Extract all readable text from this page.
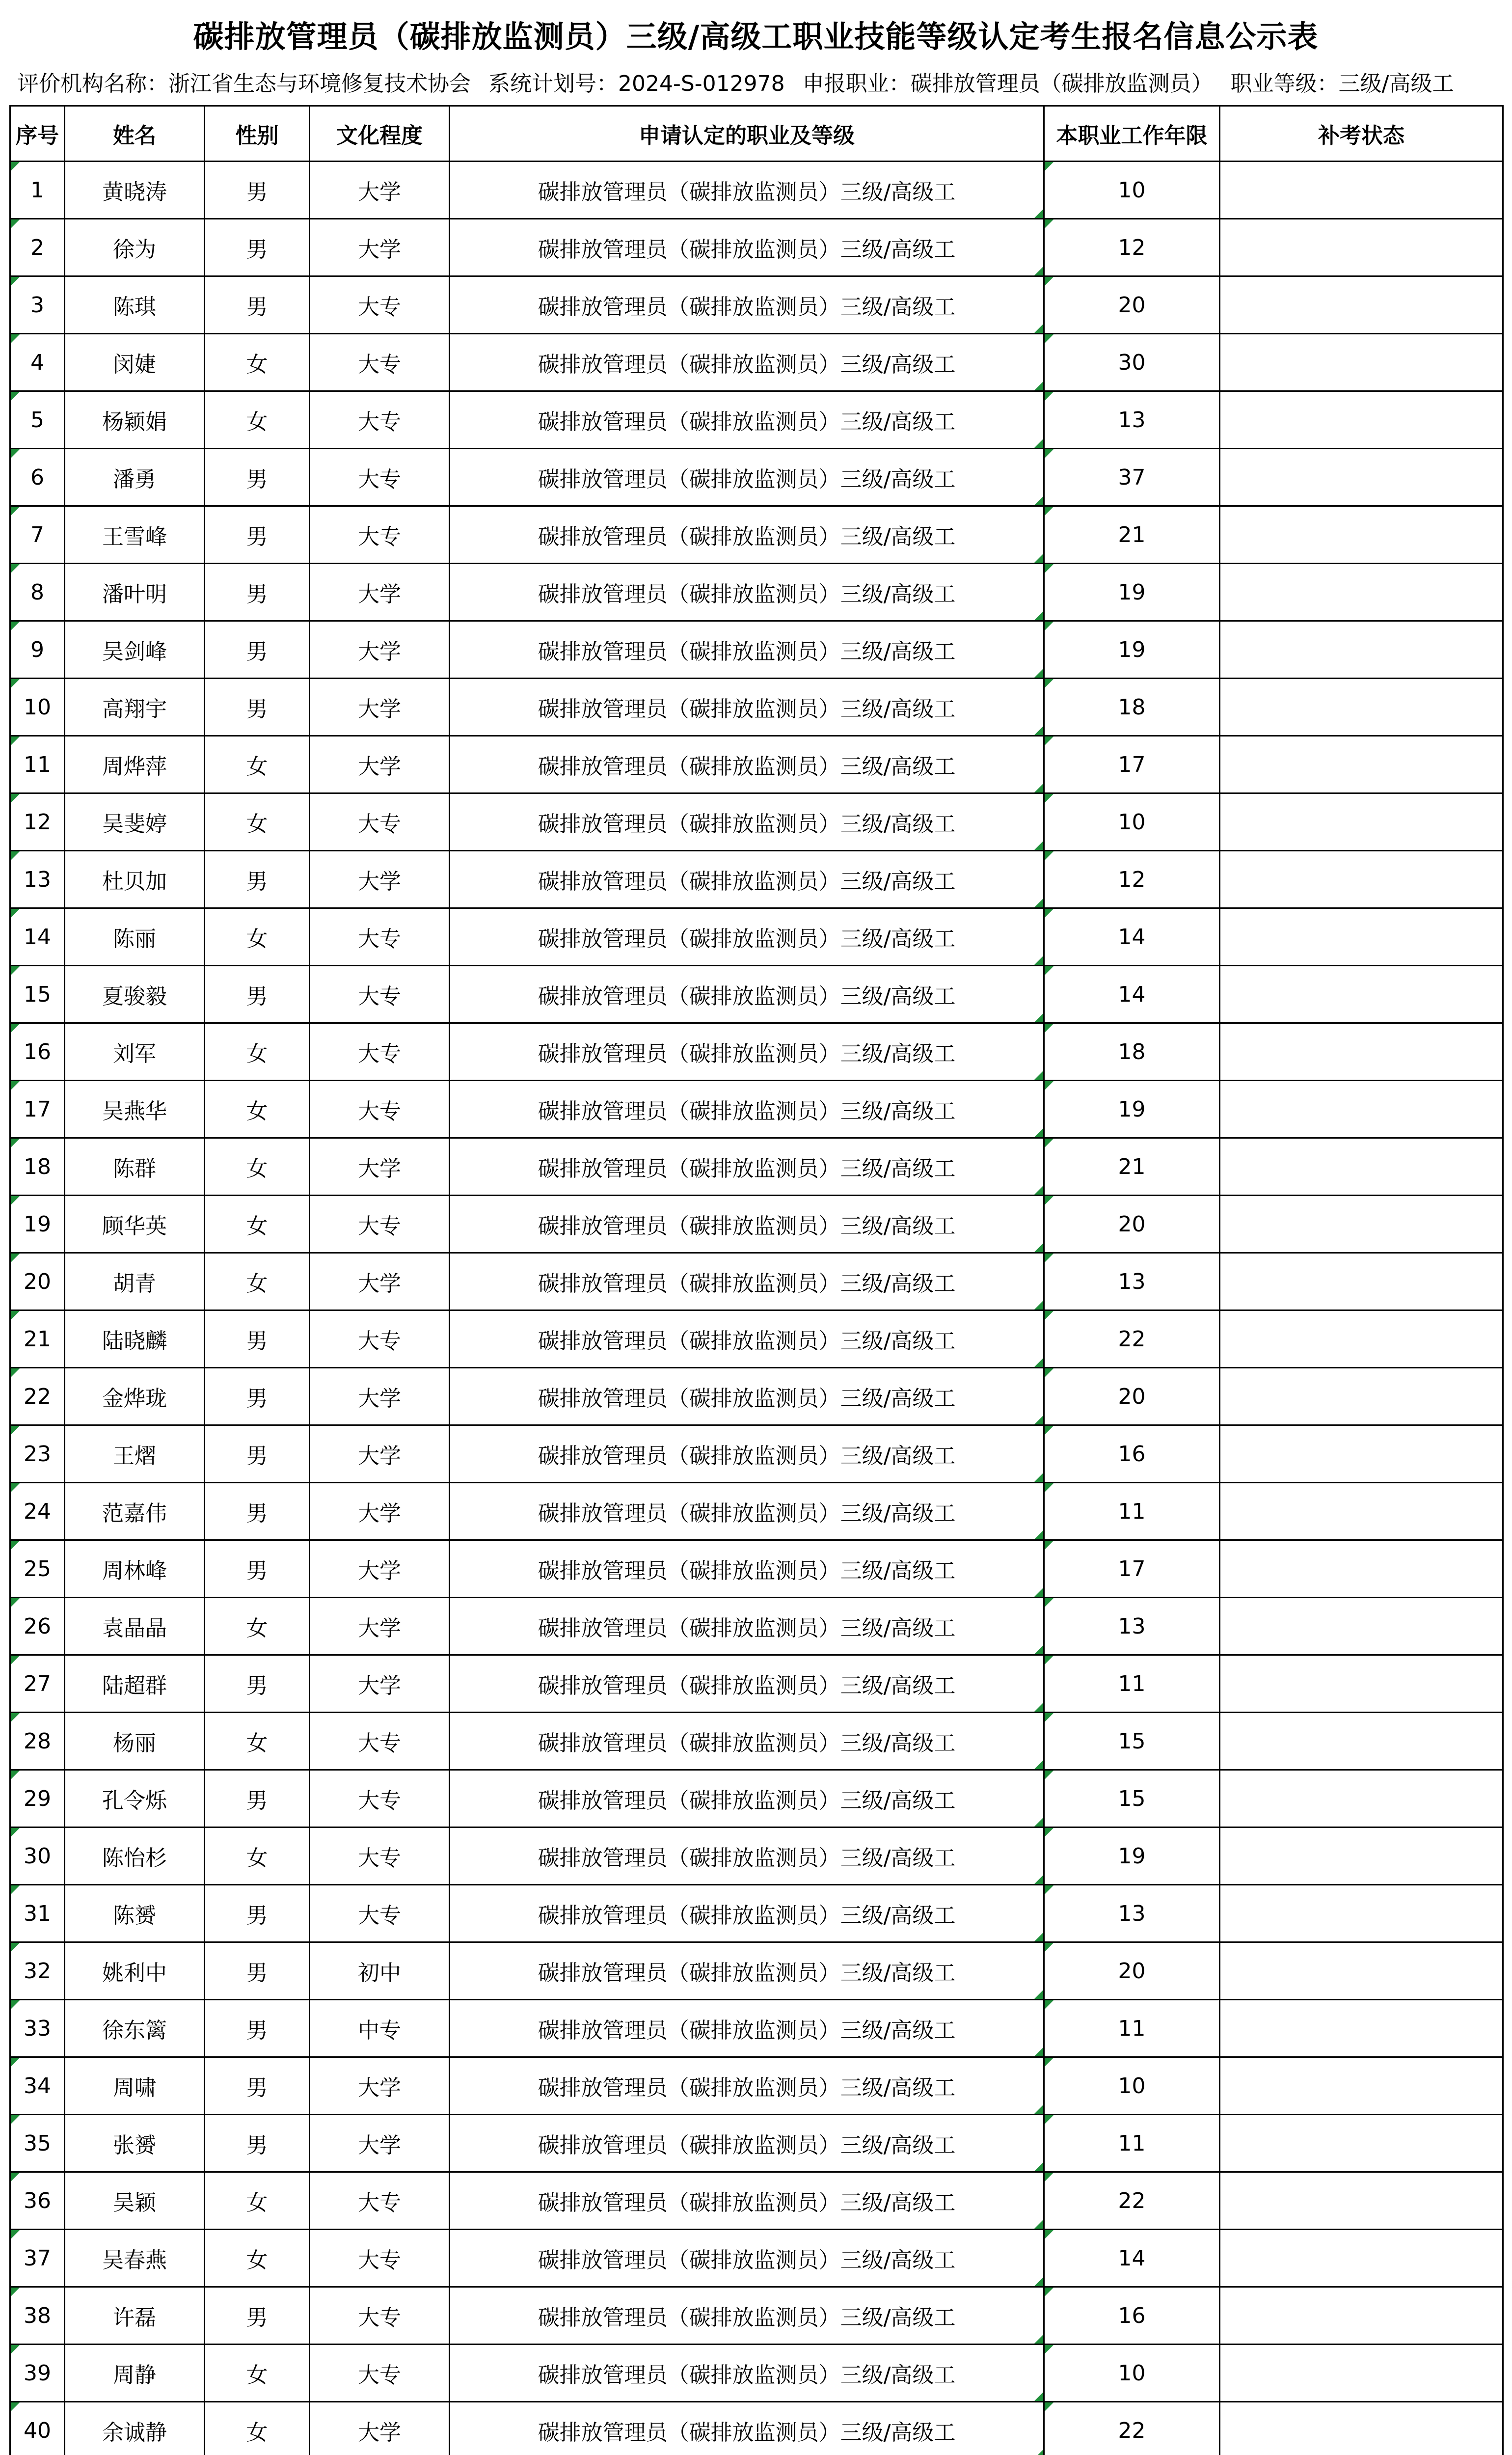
碳排放管理员（碳排放监测员）三级/高级工职业技能等级认定考生报名信息公示表
评价机构名称：浙江省生态与环境修复技术协会 系统计划号：2024-S-012978 申报职业：碳排放管理员（碳排放监测员） 职业等级：三级/高级工
序号	姓名	性别	文化程度	申请认定的职业及等级	本职业工作年限	补考状态
1	黄晓涛	男	大学	碳排放管理员（碳排放监测员）三级/高级工	10	
2	徐为	男	大学	碳排放管理员（碳排放监测员）三级/高级工	12	
3	陈琪	男	大专	碳排放管理员（碳排放监测员）三级/高级工	20	
4	闵婕	女	大专	碳排放管理员（碳排放监测员）三级/高级工	30	
5	杨颖娟	女	大专	碳排放管理员（碳排放监测员）三级/高级工	13	
6	潘勇	男	大专	碳排放管理员（碳排放监测员）三级/高级工	37	
7	王雪峰	男	大专	碳排放管理员（碳排放监测员）三级/高级工	21	
8	潘叶明	男	大学	碳排放管理员（碳排放监测员）三级/高级工	19	
9	吴剑峰	男	大学	碳排放管理员（碳排放监测员）三级/高级工	19	
10	高翔宇	男	大学	碳排放管理员（碳排放监测员）三级/高级工	18	
11	周烨萍	女	大学	碳排放管理员（碳排放监测员）三级/高级工	17	
12	吴斐婷	女	大专	碳排放管理员（碳排放监测员）三级/高级工	10	
13	杜贝加	男	大学	碳排放管理员（碳排放监测员）三级/高级工	12	
14	陈丽	女	大专	碳排放管理员（碳排放监测员）三级/高级工	14	
15	夏骏毅	男	大专	碳排放管理员（碳排放监测员）三级/高级工	14	
16	刘军	女	大专	碳排放管理员（碳排放监测员）三级/高级工	18	
17	吴燕华	女	大专	碳排放管理员（碳排放监测员）三级/高级工	19	
18	陈群	女	大学	碳排放管理员（碳排放监测员）三级/高级工	21	
19	顾华英	女	大专	碳排放管理员（碳排放监测员）三级/高级工	20	
20	胡青	女	大学	碳排放管理员（碳排放监测员）三级/高级工	13	
21	陆晓麟	男	大专	碳排放管理员（碳排放监测员）三级/高级工	22	
22	金烨珑	男	大学	碳排放管理员（碳排放监测员）三级/高级工	20	
23	王熠	男	大学	碳排放管理员（碳排放监测员）三级/高级工	16	
24	范嘉伟	男	大学	碳排放管理员（碳排放监测员）三级/高级工	11	
25	周林峰	男	大学	碳排放管理员（碳排放监测员）三级/高级工	17	
26	袁晶晶	女	大学	碳排放管理员（碳排放监测员）三级/高级工	13	
27	陆超群	男	大学	碳排放管理员（碳排放监测员）三级/高级工	11	
28	杨丽	女	大专	碳排放管理员（碳排放监测员）三级/高级工	15	
29	孔令烁	男	大专	碳排放管理员（碳排放监测员）三级/高级工	15	
30	陈怡杉	女	大专	碳排放管理员（碳排放监测员）三级/高级工	19	
31	陈赟	男	大专	碳排放管理员（碳排放监测员）三级/高级工	13	
32	姚利中	男	初中	碳排放管理员（碳排放监测员）三级/高级工	20	
33	徐东篱	男	中专	碳排放管理员（碳排放监测员）三级/高级工	11	
34	周啸	男	大学	碳排放管理员（碳排放监测员）三级/高级工	10	
35	张赟	男	大学	碳排放管理员（碳排放监测员）三级/高级工	11	
36	吴颖	女	大专	碳排放管理员（碳排放监测员）三级/高级工	22	
37	吴春燕	女	大专	碳排放管理员（碳排放监测员）三级/高级工	14	
38	许磊	男	大专	碳排放管理员（碳排放监测员）三级/高级工	16	
39	周静	女	大专	碳排放管理员（碳排放监测员）三级/高级工	10	
40	余诚静	女	大学	碳排放管理员（碳排放监测员）三级/高级工	22	
